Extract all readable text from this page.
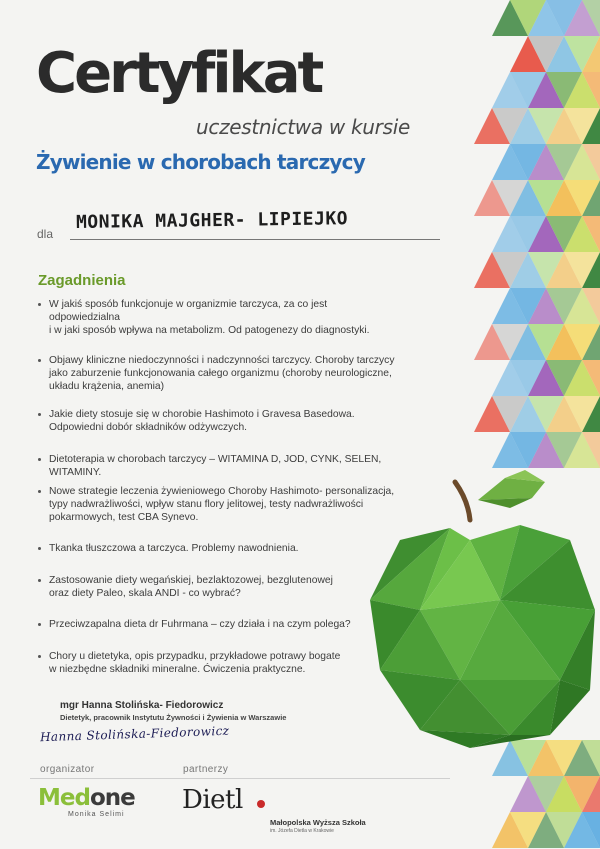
Certyfikat
uczestnictwa w kursie
Żywienie w chorobach tarczycy
dla
MONIKA MAJGHER- LIPIEJKO
Zagadnienia
W jakiś sposób funkcjonuje w organizmie tarczyca, za co jest odpowiedzialna
i w jaki sposób wpływa na metabolizm. Od patogenezy do diagnostyki.
Objawy kliniczne niedoczynności i nadczynności tarczycy. Choroby tarczycy
jako zaburzenie funkcjonowania całego organizmu (choroby neurologiczne,
układu krążenia, anemia)
Jakie diety stosuje się w chorobie Hashimoto i Gravesa Basedowa.
Odpowiedni dobór składników odżywczych.
Dietoterapia w chorobach tarczycy – WITAMINA D, JOD, CYNK, SELEN, WITAMINY.
Nowe strategie leczenia żywieniowego Choroby Hashimoto- personalizacja,
typy nadwrażliwości, wpływ stanu flory jelitowej, testy nadwrażliwości
pokarmowych, test CBA Synevo.
Tkanka tłuszczowa a tarczyca. Problemy nawodnienia.
Zastosowanie diety wegańskiej, bezlaktozowej, bezglutenowej
oraz diety Paleo, skala ANDI - co wybrać?
Przeciwzapalna dieta dr Fuhrmana – czy działa i na czym polega?
Chory u dietetyka, opis przypadku, przykładowe potrawy bogate
w niezbędne składniki mineralne. Ćwiczenia praktyczne.
mgr Hanna Stolińska- Fiedorowicz
Dietetyk, pracownik Instytutu Żywności i Żywienia w Warszawie
Hanna Stolińska-Fiedorowicz
organizator	partnerzy
Medone
Monika Selimi Dietl
Małopolska Wyższa Szkoła
im. Józefa Dietla w Krakowie
